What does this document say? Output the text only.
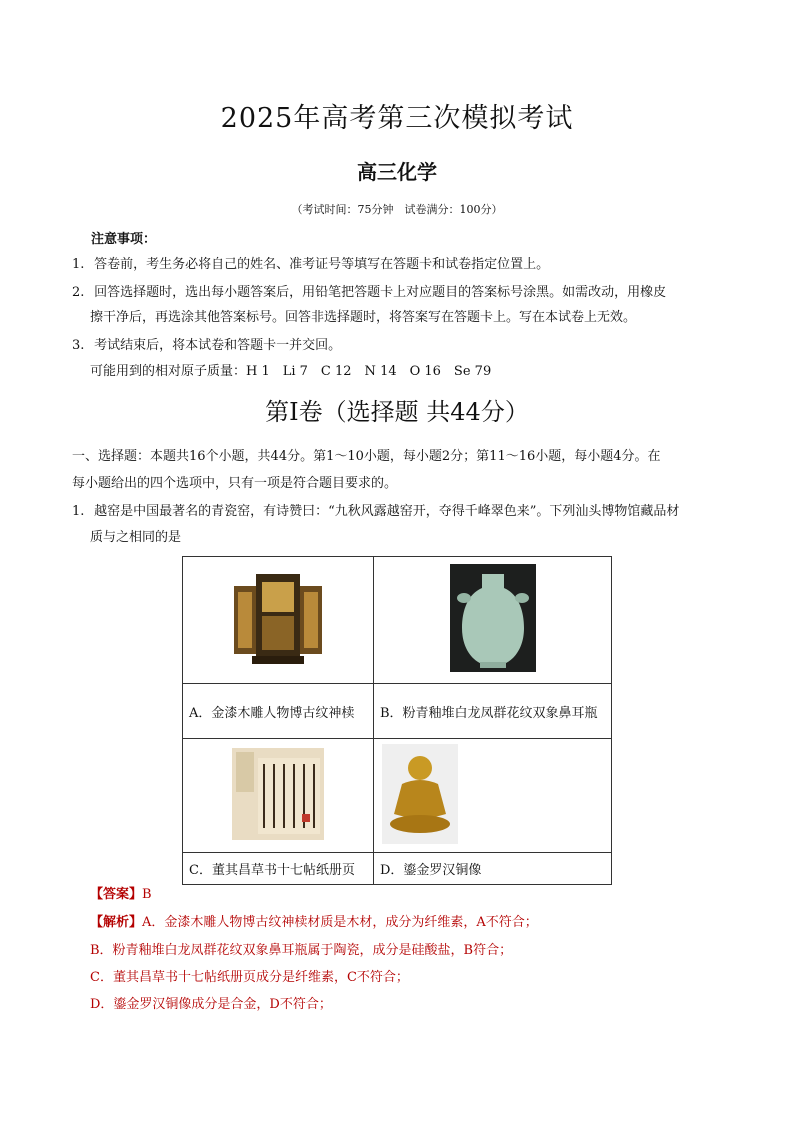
2025年高考第三次模拟考试
高三化学
（考试时间：75分钟　试卷满分：100分）
注意事项：
1. 答卷前，考生务必将自己的姓名、准考证号等填写在答题卡和试卷指定位置上。
2. 回答选择题时，选出每小题答案后，用铅笔把答题卡上对应题目的答案标号涂黑。如需改动，用橡皮
擦干净后，再选涂其他答案标号。回答非选择题时，将答案写在答题卡上。写在本试卷上无效。
3. 考试结束后，将本试卷和答题卡一并交回。
可能用到的相对原子质量：H 1　Li 7　C 12　N 14　O 16　Se 79
第Ⅰ卷（选择题 共44分）
一、选择题：本题共16个小题，共44分。第1～10小题，每小题2分；第11～16小题，每小题4分。在
每小题给出的四个选项中，只有一项是符合题目要求的。
1. 越窑是中国最著名的青瓷窑，有诗赞曰：“九秋风露越窑开，夺得千峰翠色来”。下列汕头博物馆藏品材
质与之相同的是

A．金漆木雕人物博古纹神椟	B．粉青釉堆白龙凤群花纹双象鼻耳瓶

C．董其昌草书十七帖纸册页	D．鎏金罗汉铜像
【答案】B
【解析】A．金漆木雕人物博古纹神椟材质是木材，成分为纤维素，A不符合；
B．粉青釉堆白龙凤群花纹双象鼻耳瓶属于陶瓷，成分是硅酸盐，B符合；
C．董其昌草书十七帖纸册页成分是纤维素，C不符合；
D．鎏金罗汉铜像成分是合金，D不符合；
